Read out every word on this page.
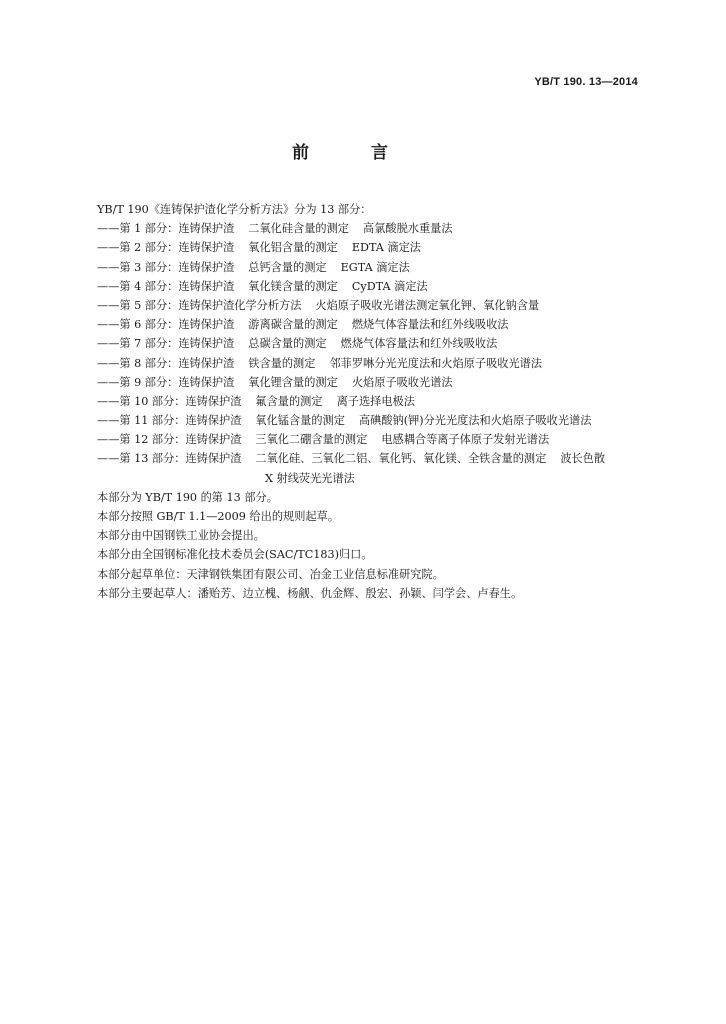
YB/T 190. 13—2014
前 言
YB/T 190《连铸保护渣化学分析方法》分为 13 部分：
——第 1 部分：连铸保护渣 二氧化硅含量的测定 高氯酸脱水重量法
——第 2 部分：连铸保护渣 氧化铝含量的测定 EDTA 滴定法
——第 3 部分：连铸保护渣 总钙含量的测定 EGTA 滴定法
——第 4 部分：连铸保护渣 氧化镁含量的测定 CyDTA 滴定法
——第 5 部分：连铸保护渣化学分析方法 火焰原子吸收光谱法测定氧化钾、氧化钠含量
——第 6 部分：连铸保护渣 游离碳含量的测定 燃烧气体容量法和红外线吸收法
——第 7 部分：连铸保护渣 总碳含量的测定 燃烧气体容量法和红外线吸收法
——第 8 部分：连铸保护渣 铁含量的测定 邻菲罗啉分光光度法和火焰原子吸收光谱法
——第 9 部分：连铸保护渣 氧化锂含量的测定 火焰原子吸收光谱法
——第 10 部分：连铸保护渣 氟含量的测定 离子选择电极法
——第 11 部分：连铸保护渣 氧化锰含量的测定 高碘酸钠(钾)分光光度法和火焰原子吸收光谱法
——第 12 部分：连铸保护渣 三氧化二硼含量的测定 电感耦合等离子体原子发射光谱法
——第 13 部分：连铸保护渣 二氧化硅、三氧化二铝、氧化钙、氧化镁、全铁含量的测定 波长色散
X 射线荧光光谱法
本部分为 YB/T 190 的第 13 部分。
本部分按照 GB/T 1.1—2009 给出的规则起草。
本部分由中国钢铁工业协会提出。
本部分由全国钢标准化技术委员会(SAC/TC183)归口。
本部分起草单位：天津钢铁集团有限公司、冶金工业信息标准研究院。
本部分主要起草人：潘贻芳、边立槐、杨觎、仇金辉、殷宏、孙颖、闫学会、卢春生。
